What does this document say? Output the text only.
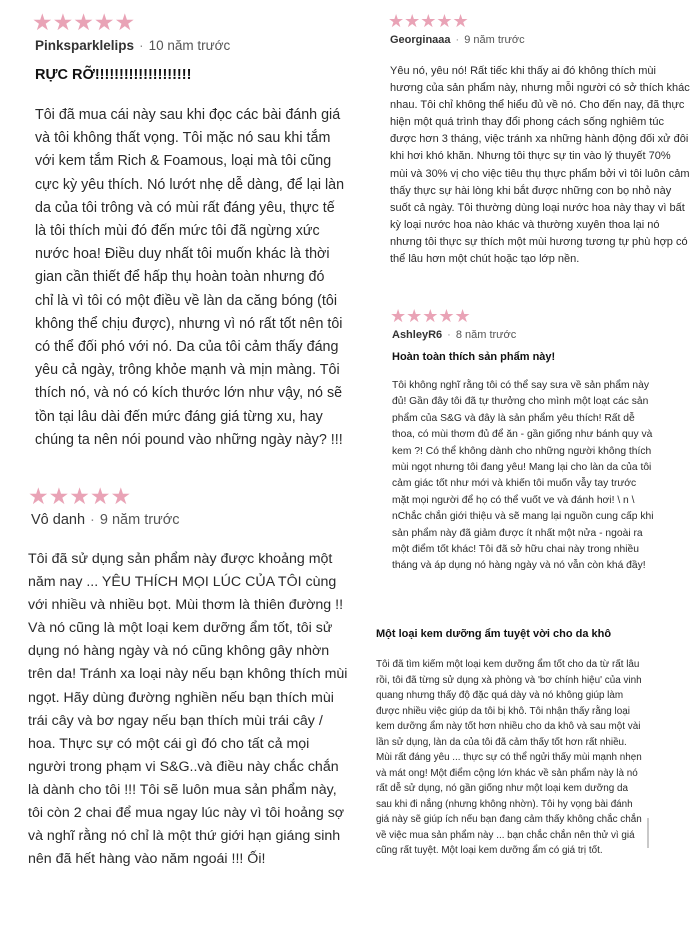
★★★★★
Pinksparklelips · 10 năm trước
RỰC RỠ!!!!!!!!!!!!!!!!!!!!
Tôi đã mua cái này sau khi đọc các bài đánh giá và tôi không thất vọng. Tôi mặc nó sau khi tắm với kem tắm Rich & Foamous, loại mà tôi cũng cực kỳ yêu thích. Nó lướt nhẹ dễ dàng, để lại làn da của tôi trông và có mùi rất đáng yêu, thực tế là tôi thích mùi đó đến mức tôi đã ngừng xức nước hoa! Điều duy nhất tôi muốn khác là thời gian cần thiết để hấp thụ hoàn toàn nhưng đó chỉ là vì tôi có một điều về làn da căng bóng (tôi không thể chịu được), nhưng vì nó rất tốt nên tôi có thể đối phó với nó. Da của tôi cảm thấy đáng yêu cả ngày, trông khỏe mạnh và mịn màng. Tôi thích nó, và nó có kích thước lớn như vậy, nó sẽ tồn tại lâu dài đến mức đáng giá từng xu, hay chúng ta nên nói pound vào những ngày này? !!!
★★★★★
Vô danh · 9 năm trước
Tôi đã sử dụng sản phẩm này được khoảng một năm nay ... YÊU THÍCH MỌI LÚC CỦA TÔI cùng với nhiều và nhiều bọt. Mùi thơm là thiên đường !! Và nó cũng là một loại kem dưỡng ẩm tốt, tôi sử dụng nó hàng ngày và nó cũng không gây nhờn trên da! Tránh xa loại này nếu bạn không thích mùi ngọt. Hãy dùng đường nghiền nếu bạn thích mùi trái cây và bơ ngay nếu bạn thích mùi trái cây / hoa. Thực sự có một cái gì đó cho tất cả mọi người trong phạm vi S&G..và điều này chắc chắn là dành cho tôi !!! Tôi sẽ luôn mua sản phẩm này, tôi còn 2 chai để mua ngay lúc này vì tôi hoảng sợ và nghĩ rằng nó chỉ là một thứ giới hạn giáng sinh nên đã hết hàng vào năm ngoái !!! Ối!
★★★★★
Georginaaa · 9 năm trước
Yêu nó, yêu nó! Rất tiếc khi thấy ai đó không thích mùi hương của sản phẩm này, nhưng mỗi người có sở thích khác nhau. Tôi chỉ không thể hiểu đủ về nó. Cho đến nay, đã thực hiện một quá trình thay đổi phong cách sống nghiêm túc được hơn 3 tháng, việc tránh xa những hành động đối xử đôi khi hơi khó khăn. Nhưng tôi thực sự tin vào lý thuyết 70% mùi và 30% vị cho việc tiêu thụ thực phẩm bởi vì tôi luôn cảm thấy thực sự hài lòng khi bắt được những con bọ nhỏ này suốt cả ngày. Tôi thường dùng loại nước hoa này thay vì bất kỳ loại nước hoa nào khác và thường xuyên thoa lại nó nhưng tôi thực sự thích một mùi hương tương tự phù hợp có thể lâu hơn một chút hoặc tạo lớp nền.
★★★★★
AshleyR6 · 8 năm trước
Hoàn toàn thích sản phẩm này!
Tôi không nghĩ rằng tôi có thể say sưa về sản phẩm này đủ! Gần đây tôi đã tự thưởng cho mình một loạt các sản phẩm của S&G và đây là sản phẩm yêu thích! Rất dễ thoa, có mùi thơm đủ để ăn - gần giống như bánh quy và kem ?! Có thể không dành cho những người không thích mùi ngọt nhưng tôi đang yêu! Mang lại cho làn da của tôi cảm giác tốt như mới và khiến tôi muốn vẫy tay trước mặt mọi người để họ có thể vuốt ve và đánh hơi! \ n \ nChắc chắn giới thiệu và sẽ mang lại nguồn cung cấp khi sản phẩm này đã giảm được ít nhất một nửa - ngoài ra một điểm tốt khác! Tôi đã sở hữu chai này trong nhiều tháng và áp dụng nó hàng ngày và nó vẫn còn khá đầy!
Một loại kem dưỡng ẩm tuyệt vời cho da khô
Tôi đã tìm kiếm một loại kem dưỡng ẩm tốt cho da từ rất lâu rồi, tôi đã từng sử dụng xà phòng và 'bơ chính hiệu' của vinh quang nhưng thấy độ đặc quá dày và nó không giúp làm được nhiều việc giúp da tôi bị khô. Tôi nhận thấy rằng loại kem dưỡng ẩm này tốt hơn nhiều cho da khô và sau một vài lần sử dụng, làn da của tôi đã cảm thấy tốt hơn rất nhiều. Mùi rất đáng yêu ... thực sự có thể ngửi thấy mùi mạnh nhẹn và mát ong! Một điểm cộng lớn khác về sản phẩm này là nó rất dễ sử dụng, nó gần giống như một loại kem dưỡng da sau khi đi nắng (nhưng không nhờn). Tôi hy vọng bài đánh giá này sẽ giúp ích nếu bạn đang cảm thấy không chắc chắn về việc mua sản phẩm này ... bạn chắc chắn nên thử vì giá cũng rất tuyệt. Một loại kem dưỡng ẩm có giá trị tốt.
